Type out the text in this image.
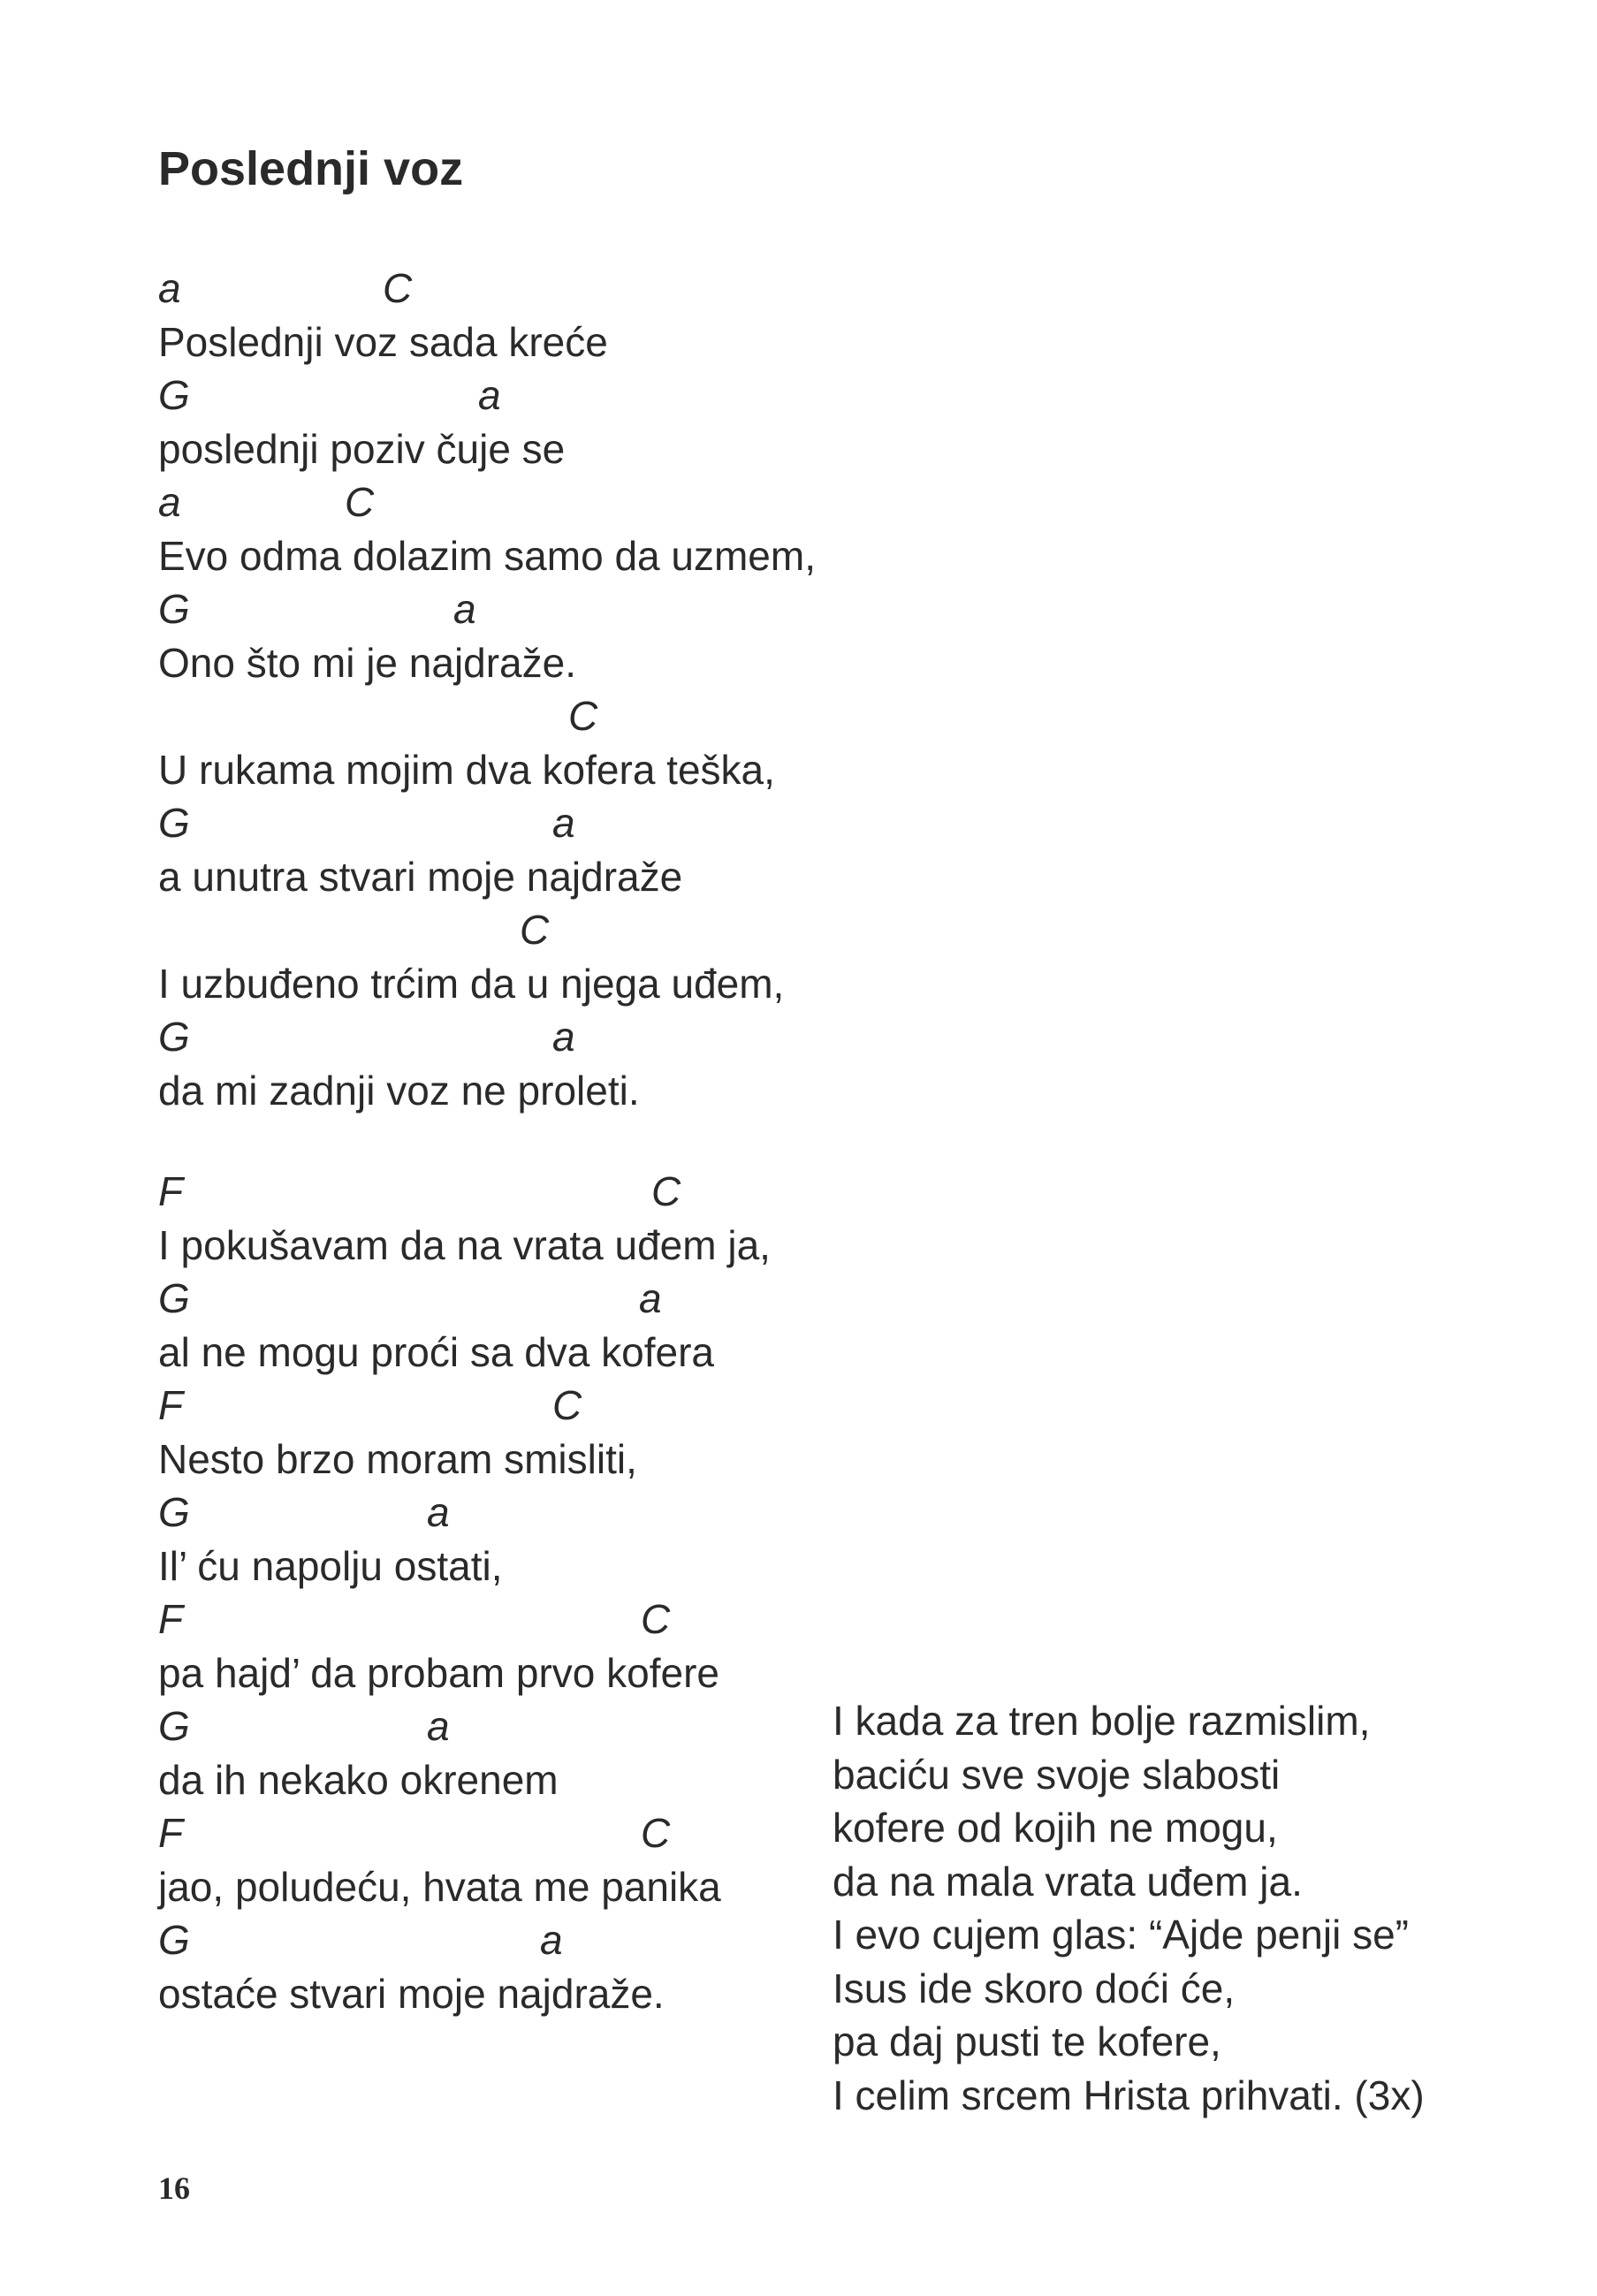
Poslednji voz
a	C
Poslednji voz sada kreće
G	a
poslednji poziv čuje se
a	C
Evo odma dolazim samo da uzmem,
G	a
Ono što mi je najdraže.
C
U rukama mojim dva kofera teška,
G	a
a unutra stvari moje najdraže
C
I uzbuđeno trćim da u njega uđem,
G	a
da mi zadnji voz ne proleti.
F	C
I pokušavam da na vrata uđem ja,
G	a
al ne mogu proći sa dva kofera
F	C
Nesto brzo moram smisliti,
G	a
Il’ ću napolju ostati,
F	C
pa hajd’ da probam prvo kofere
G	a
da ih nekako okrenem
F	C
jao, poludeću, hvata me panika
G	a
ostaće stvari moje najdraže.
I kada za tren bolje razmislim,
baciću sve svoje slabosti
kofere od kojih ne mogu,
da na mala vrata uđem ja.
I evo cujem glas: “Ajde penji se”
Isus ide skoro doći će,
pa daj pusti te kofere,
I celim srcem Hrista prihvati. (3x)
16
